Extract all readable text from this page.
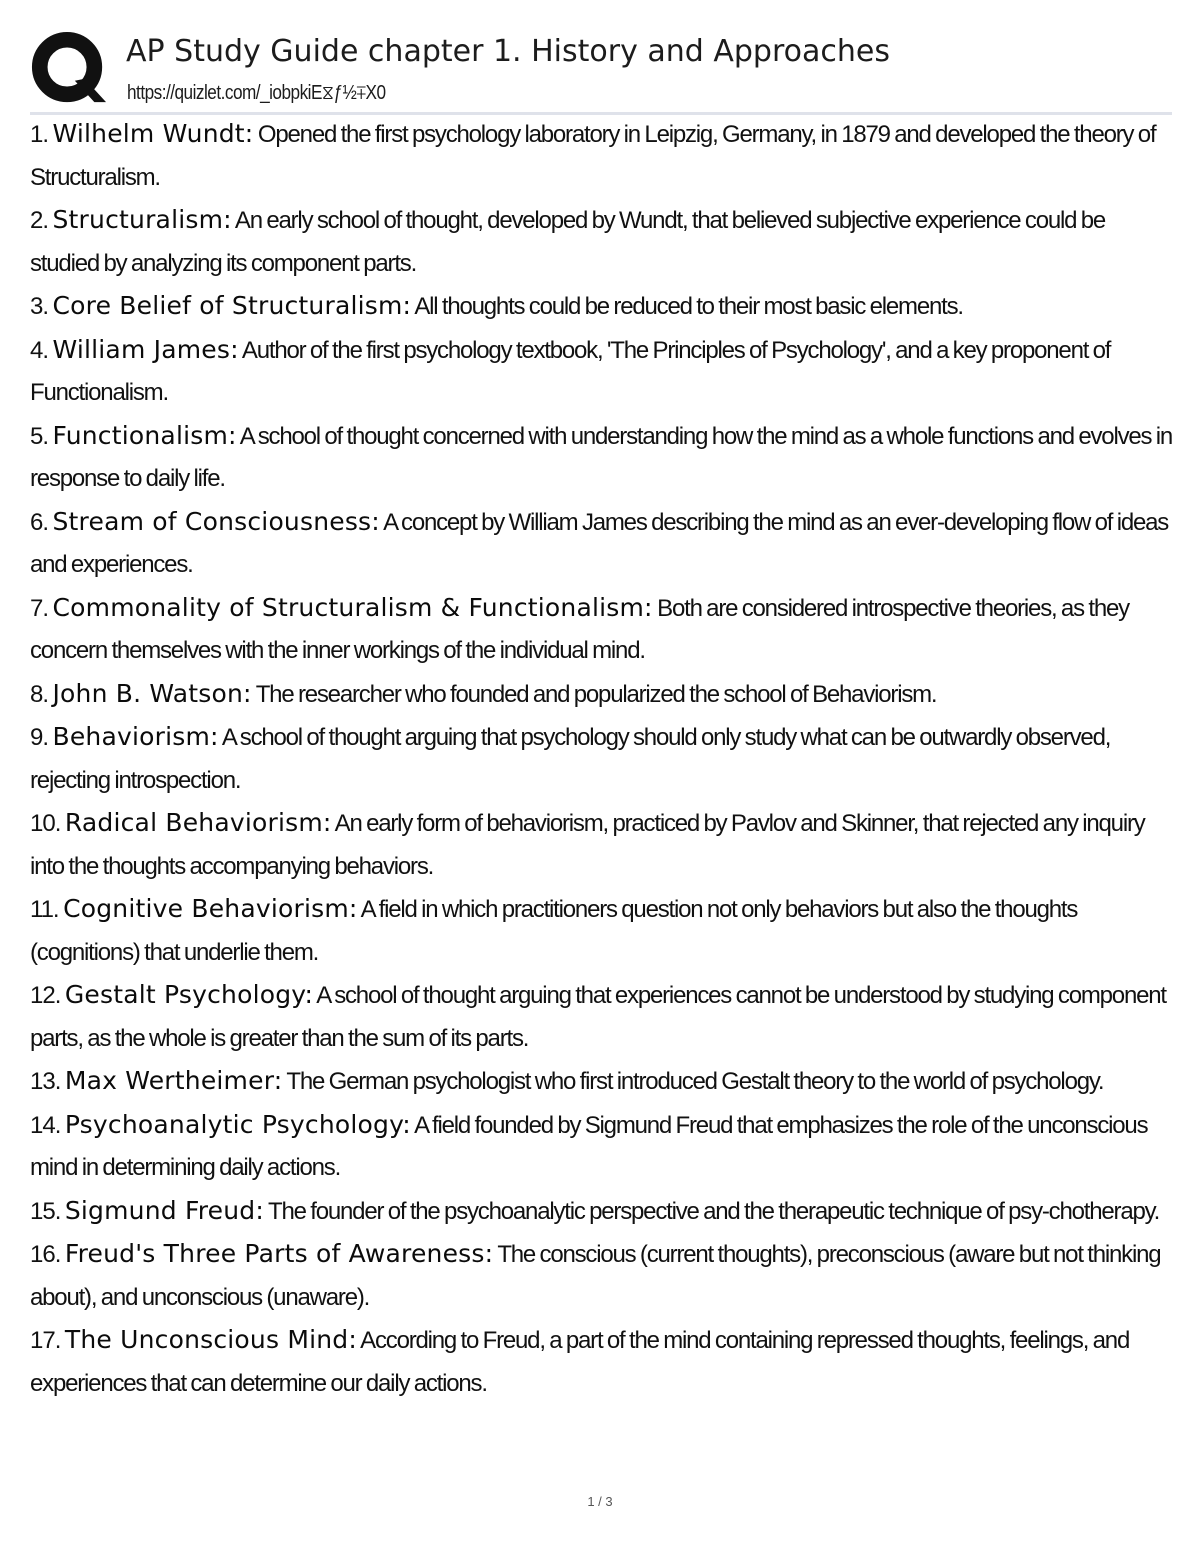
AP Study Guide chapter 1. History and Approaches
https://quizlet.com/_iobpkiE⧖ƒ½∓X0
1. Wilhelm Wundt: Opened the first psychology laboratory in Leipzig, Germany, in 1879 and developed the theory of Structuralism.
2. Structuralism: An early school of thought, developed by Wundt, that believed subjective experience could be studied by analyzing its component parts.
3. Core Belief of Structuralism: All thoughts could be reduced to their most basic elements.
4. William James: Author of the first psychology textbook, 'The Principles of Psychology', and a key proponent of Functionalism.
5. Functionalism: A school of thought concerned with understanding how the mind as a whole functions and evolves in response to daily life.
6. Stream of Consciousness: A concept by William James describing the mind as an ever-developing flow of ideas and experiences.
7. Commonality of Structuralism & Functionalism: Both are considered introspective theories, as they concern themselves with the inner workings of the individual mind.
8. John B. Watson: The researcher who founded and popularized the school of Behaviorism.
9. Behaviorism: A school of thought arguing that psychology should only study what can be outwardly observed, rejecting introspection.
10. Radical Behaviorism: An early form of behaviorism, practiced by Pavlov and Skinner, that rejected any inquiry into the thoughts accompanying behaviors.
11. Cognitive Behaviorism: A field in which practitioners question not only behaviors but also the thoughts (cognitions) that underlie them.
12. Gestalt Psychology: A school of thought arguing that experiences cannot be understood by studying component parts, as the whole is greater than the sum of its parts.
13. Max Wertheimer: The German psychologist who first introduced Gestalt theory to the world of psychology.
14. Psychoanalytic Psychology: A field founded by Sigmund Freud that emphasizes the role of the unconscious mind in determining daily actions.
15. Sigmund Freud: The founder of the psychoanalytic perspective and the therapeutic technique of psy-chotherapy.
16. Freud's Three Parts of Awareness: The conscious (current thoughts), preconscious (aware but not thinking about), and unconscious (unaware).
17. The Unconscious Mind: According to Freud, a part of the mind containing repressed thoughts, feelings, and experiences that can determine our daily actions.
1 / 3
